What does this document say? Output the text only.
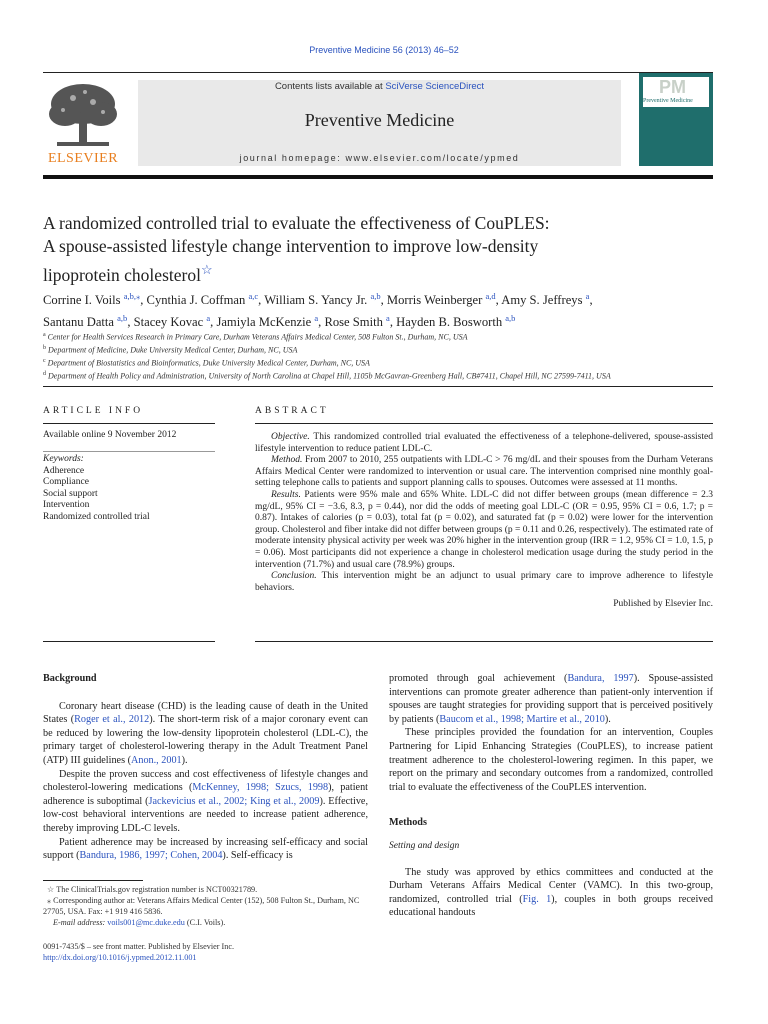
Preventive Medicine 56 (2013) 46–52
ELSEVIER
Contents lists available at SciVerse ScienceDirect
Preventive Medicine
journal homepage: www.elsevier.com/locate/ypmed
PM
Preventive Medicine
A randomized controlled trial to evaluate the effectiveness of CouPLES:
A spouse-assisted lifestyle change intervention to improve low-density
lipoprotein cholesterol☆
Corrine I. Voils $^{a,b,⁎}$, Cynthia J. Coffman $^{a,c}$, William S. Yancy Jr. $^{a,b}$, Morris Weinberger $^{a,d}$, Amy S. Jeffreys $^a$,
Santanu Datta $^{a,b}$, Stacey Kovac $^a$, Jamiyla McKenzie $^a$, Rose Smith $^a$, Hayden B. Bosworth $^{a,b}$
$^a$ Center for Health Services Research in Primary Care, Durham Veterans Affairs Medical Center, 508 Fulton St., Durham, NC, USA
$^b$ Department of Medicine, Duke University Medical Center, Durham, NC, USA
$^c$ Department of Biostatistics and Bioinformatics, Duke University Medical Center, Durham, NC, USA
$^d$ Department of Health Policy and Administration, University of North Carolina at Chapel Hill, 1105b McGavran-Greenberg Hall, CB#7411, Chapel Hill, NC 27599-7411, USA
ARTICLE INFO
Available online 9 November 2012
Keywords:
Adherence
Compliance
Social support
Intervention
Randomized controlled trial
ABSTRACT

Objective. This randomized controlled trial evaluated the effectiveness of a telephone-delivered, spouse-assisted lifestyle intervention to reduce patient LDL-C.

Method. From 2007 to 2010, 255 outpatients with LDL-C > 76 mg/dL and their spouses from the Durham Veterans Affairs Medical Center were randomized to intervention or usual care. The intervention comprised nine monthly goal-setting telephone calls to patients and support planning calls to spouses. Outcomes were assessed at 11 months.

Results. Patients were 95% male and 65% White. LDL-C did not differ between groups (mean difference = 2.3 mg/dL, 95% CI = −3.6, 8.3, p = 0.44), nor did the odds of meeting goal LDL-C (OR = 0.95, 95% CI = 0.6, 1.7; p = 0.87). Intakes of calories (p = 0.03), total fat (p = 0.02), and saturated fat (p = 0.02) were lower for the intervention group. Cholesterol and fiber intake did not differ between groups (p = 0.11 and 0.26, respectively). The estimated rate of moderate intensity physical activity per week was 20% higher in the intervention group (IRR = 1.2, 95% CI = 1.0, 1.5, p = 0.06). Most participants did not experience a change in cholesterol medication usage during the study period in the intervention (71.7%) and usual care (78.9%) groups.

Conclusion. This intervention might be an adjunct to usual primary care to improve adherence to lifestyle behaviors.

Published by Elsevier Inc.
Background

Coronary heart disease (CHD) is the leading cause of death in the United States (Roger et al., 2012). The short-term risk of a major coronary event can be reduced by lowering the low-density lipoprotein cholesterol (LDL-C), the primary target of cholesterol-lowering therapy in the Adult Treatment Panel (ATP) III guidelines (Anon., 2001).

Despite the proven success and cost effectiveness of lifestyle changes and cholesterol-lowering medications (McKenney, 1998; Szucs, 1998), patient adherence is suboptimal (Jackevicius et al., 2002; King et al., 2009). Effective, low-cost behavioral interventions are needed to increase patient adherence, thereby improving LDL-C levels.

Patient adherence may be increased by increasing self-efficacy and social support (Bandura, 1986, 1997; Cohen, 2004). Self-efficacy is

☆ The ClinicalTrials.gov registration number is NCT00321789.

⁎ Corresponding author at: Veterans Affairs Medical Center (152), 508 Fulton St., Durham, NC 27705, USA. Fax: +1 919 416 5836.

E-mail address: voils001@mc.duke.edu (C.I. Voils).

0091-7435/$ – see front matter. Published by Elsevier Inc.
http://dx.doi.org/10.1016/j.ypmed.2012.11.001

promoted through goal achievement (Bandura, 1997). Spouse-assisted interventions can promote greater adherence than patient-only intervention if spouses are taught strategies for providing support that is perceived positively by patients (Baucom et al., 1998; Martire et al., 2010).

These principles provided the foundation for an intervention, Couples Partnering for Lipid Enhancing Strategies (CouPLES), to increase patient treatment adherence to the cholesterol-lowering regimen. In this paper, we report on the primary and secondary outcomes from a randomized, controlled trial to evaluate the effectiveness of the CouPLES intervention.

Methods
Setting and design

The study was approved by ethics committees and conducted at the Durham Veterans Affairs Medical Center (VAMC). In this two-group, randomized, controlled trial (Fig. 1), couples in both groups received educational handouts
